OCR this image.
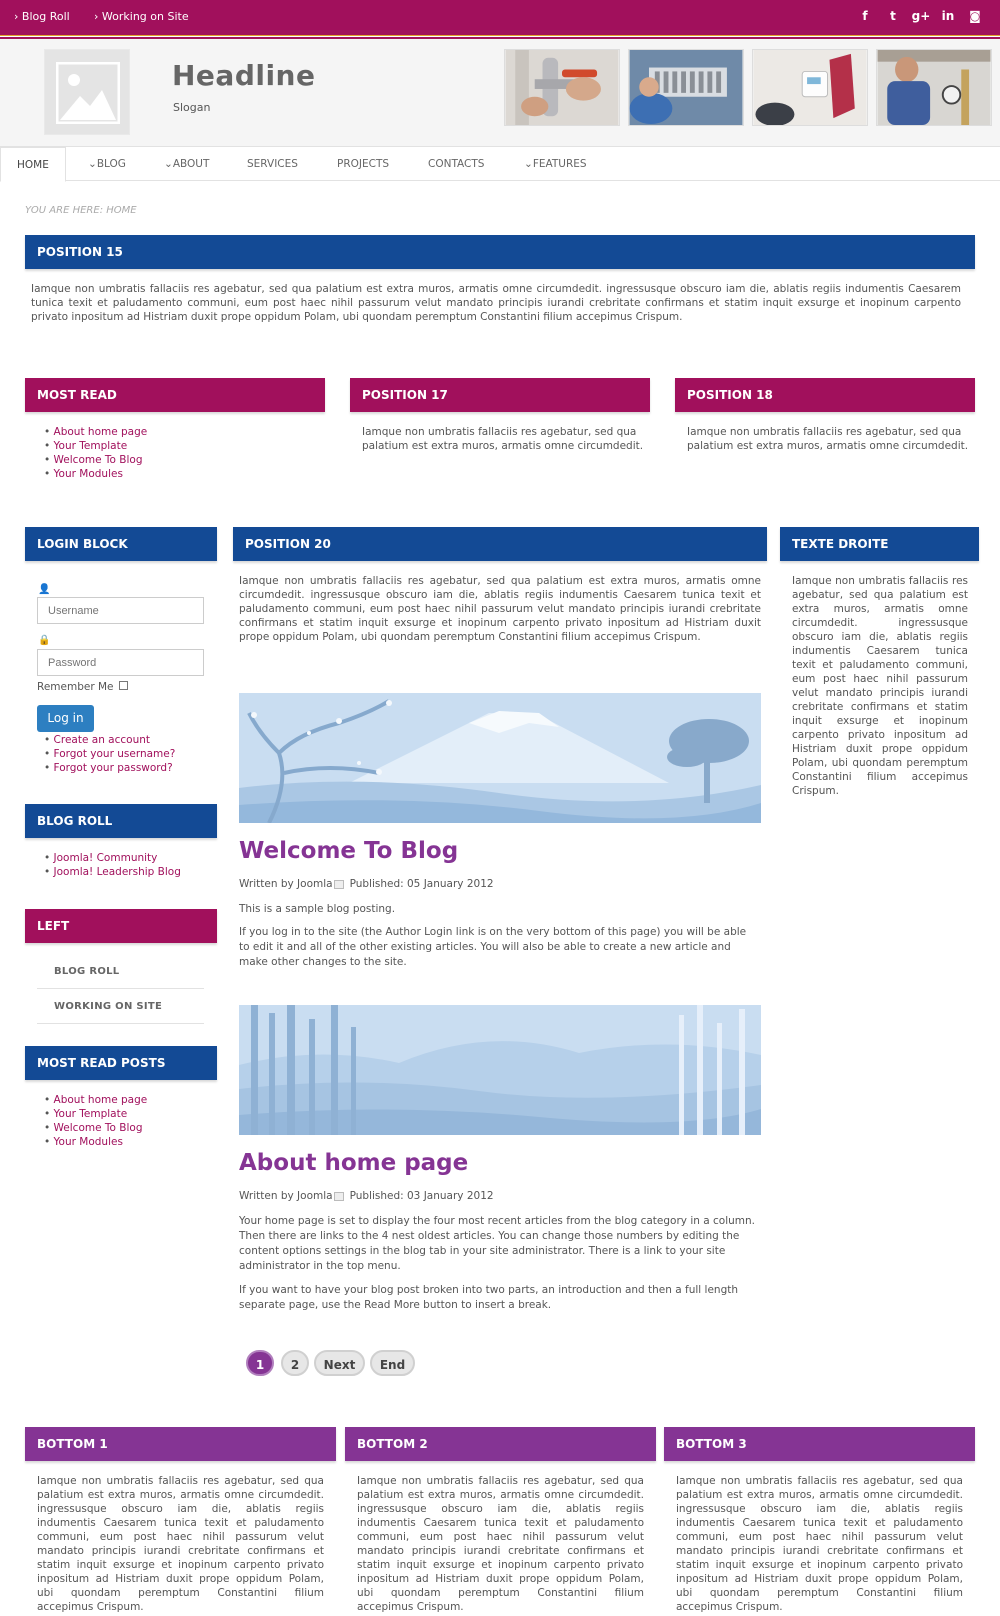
› Blog Roll › Working on Site	f	t	g+ in	◙
Headline
Slogan
HOME	⌄BLOG	⌄ABOUT	SERVICES	PROJECTS	CONTACTS	⌄FEATURES
YOU ARE HERE: HOME
POSITION 15
Iamque non umbratis fallaciis res agebatur, sed qua palatium est extra muros, armatis omne circumdedit. ingressusque obscuro iam die, ablatis regiis indumentis Caesarem tunica texit et paludamento communi, eum post haec nihil passurum velut mandato principis iurandi crebritate confirmans et statim inquit exsurge et inopinum carpento privato inpositum ad Histriam duxit prope oppidum Polam, ubi quondam peremptum Constantini filium accepimus Crispum.
MOST READ
• About home page
• Your Template
• Welcome To Blog
• Your Modules
POSITION 17
Iamque non umbratis fallaciis res agebatur, sed qua palatium est extra muros, armatis omne circumdedit.
POSITION 18
Iamque non umbratis fallaciis res agebatur, sed qua palatium est extra muros, armatis omne circumdedit.
LOGIN BLOCK
👤
Username
🔒
Remember Me
Log in
• Create an account
• Forgot your username?
• Forgot your password?
BLOG ROLL
• Joomla! Community
• Joomla! Leadership Blog
LEFT
BLOG ROLL
WORKING ON SITE
MOST READ POSTS
• About home page
• Your Template
• Welcome To Blog
• Your Modules
POSITION 20
Iamque non umbratis fallaciis res agebatur, sed qua palatium est extra muros, armatis omne circumdedit. ingressusque obscuro iam die, ablatis regiis indumentis Caesarem tunica texit et paludamento communi, eum post haec nihil passurum velut mandato principis iurandi crebritate confirmans et statim inquit exsurge et inopinum carpento privato inpositum ad Histriam duxit prope oppidum Polam, ubi quondam peremptum Constantini filium accepimus Crispum.
Welcome To Blog
Written by Joomla Published: 05 January 2012
This is a sample blog posting.
If you log in to the site (the Author Login link is on the very bottom of this page) you will be able to edit it and all of the other existing articles. You will also be able to create a new article and make other changes to the site.
About home page
Written by Joomla Published: 03 January 2012
Your home page is set to display the four most recent articles from the blog category in a column. Then there are links to the 4 nest oldest articles. You can change those numbers by editing the content options settings in the blog tab in your site administrator. There is a link to your site administrator in the top menu.
If you want to have your blog post broken into two parts, an introduction and then a full length separate page, use the Read More button to insert a break.
1	2	Next	End
TEXTE DROITE
Iamque non umbratis fallaciis res agebatur, sed qua palatium est extra muros, armatis omne circumdedit. ingressusque obscuro iam die, ablatis regiis indumentis Caesarem tunica texit et paludamento communi, eum post haec nihil passurum velut mandato principis iurandi crebritate confirmans et statim inquit exsurge et inopinum carpento privato inpositum ad Histriam duxit prope oppidum Polam, ubi quondam peremptum Constantini filium accepimus Crispum.
BOTTOM 1
Iamque non umbratis fallaciis res agebatur, sed qua palatium est extra muros, armatis omne circumdedit. ingressusque obscuro iam die, ablatis regiis indumentis Caesarem tunica texit et paludamento communi, eum post haec nihil passurum velut mandato principis iurandi crebritate confirmans et statim inquit exsurge et inopinum carpento privato inpositum ad Histriam duxit prope oppidum Polam, ubi quondam peremptum Constantini filium accepimus Crispum.
BOTTOM 2
Iamque non umbratis fallaciis res agebatur, sed qua palatium est extra muros, armatis omne circumdedit. ingressusque obscuro iam die, ablatis regiis indumentis Caesarem tunica texit et paludamento communi, eum post haec nihil passurum velut mandato principis iurandi crebritate confirmans et statim inquit exsurge et inopinum carpento privato inpositum ad Histriam duxit prope oppidum Polam, ubi quondam peremptum Constantini filium accepimus Crispum.
BOTTOM 3
Iamque non umbratis fallaciis res agebatur, sed qua palatium est extra muros, armatis omne circumdedit. ingressusque obscuro iam die, ablatis regiis indumentis Caesarem tunica texit et paludamento communi, eum post haec nihil passurum velut mandato principis iurandi crebritate confirmans et statim inquit exsurge et inopinum carpento privato inpositum ad Histriam duxit prope oppidum Polam, ubi quondam peremptum Constantini filium accepimus Crispum.
